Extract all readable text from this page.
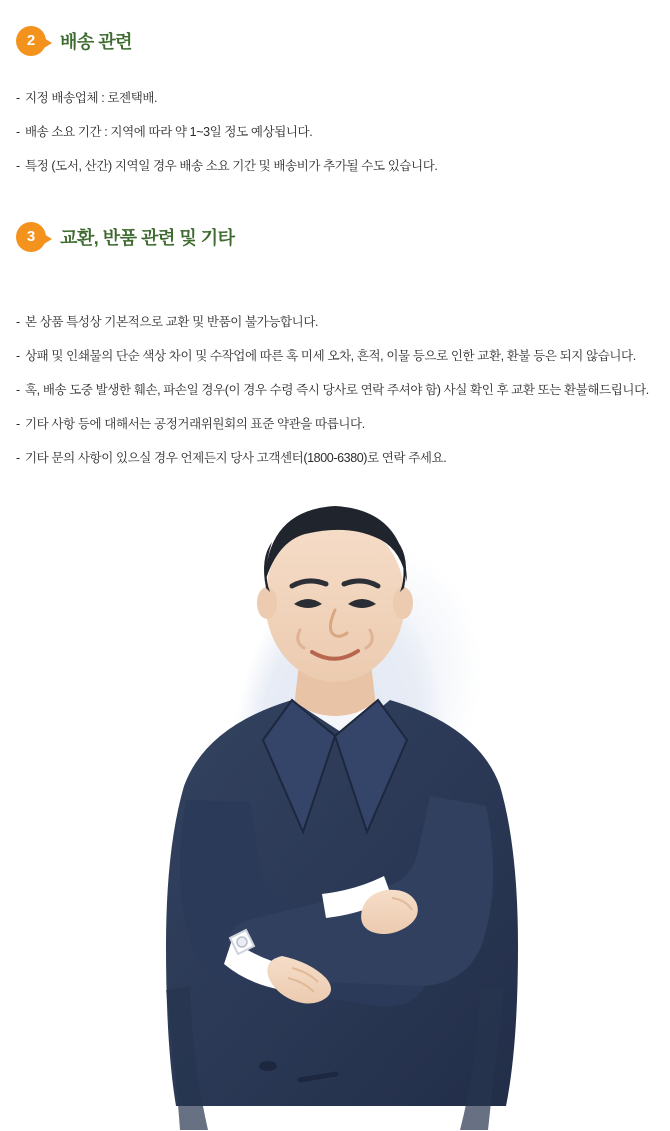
2	배송 관련
- 지정 배송업체 : 로젠택배.
- 배송 소요 기간 : 지역에 따라 약 1~3일 정도 예상됩니다.
- 특정 (도서, 산간) 지역일 경우 배송 소요 기간 및 배송비가 추가될 수도 있습니다.
3	교환, 반품 관련 및 기타
- 본 상품 특성상 기본적으로 교환 및 반품이 불가능합니다.
- 상패 및 인쇄물의 단순 색상 차이 및 수작업에 따른 혹 미세 오차, 흔적, 이물 등으로 인한 교환, 환불 등은 되지 않습니다.
- 혹, 배송 도중 발생한 훼손, 파손일 경우(이 경우 수령 즉시 당사로 연락 주셔야 함) 사실 확인 후 교환 또는 환불해드립니다.
- 기타 사항 등에 대해서는 공정거래위원회의 표준 약관을 따릅니다.
- 기타 문의 사항이 있으실 경우 언제든지 당사 고객센터(1800-6380)로 연락 주세요.
